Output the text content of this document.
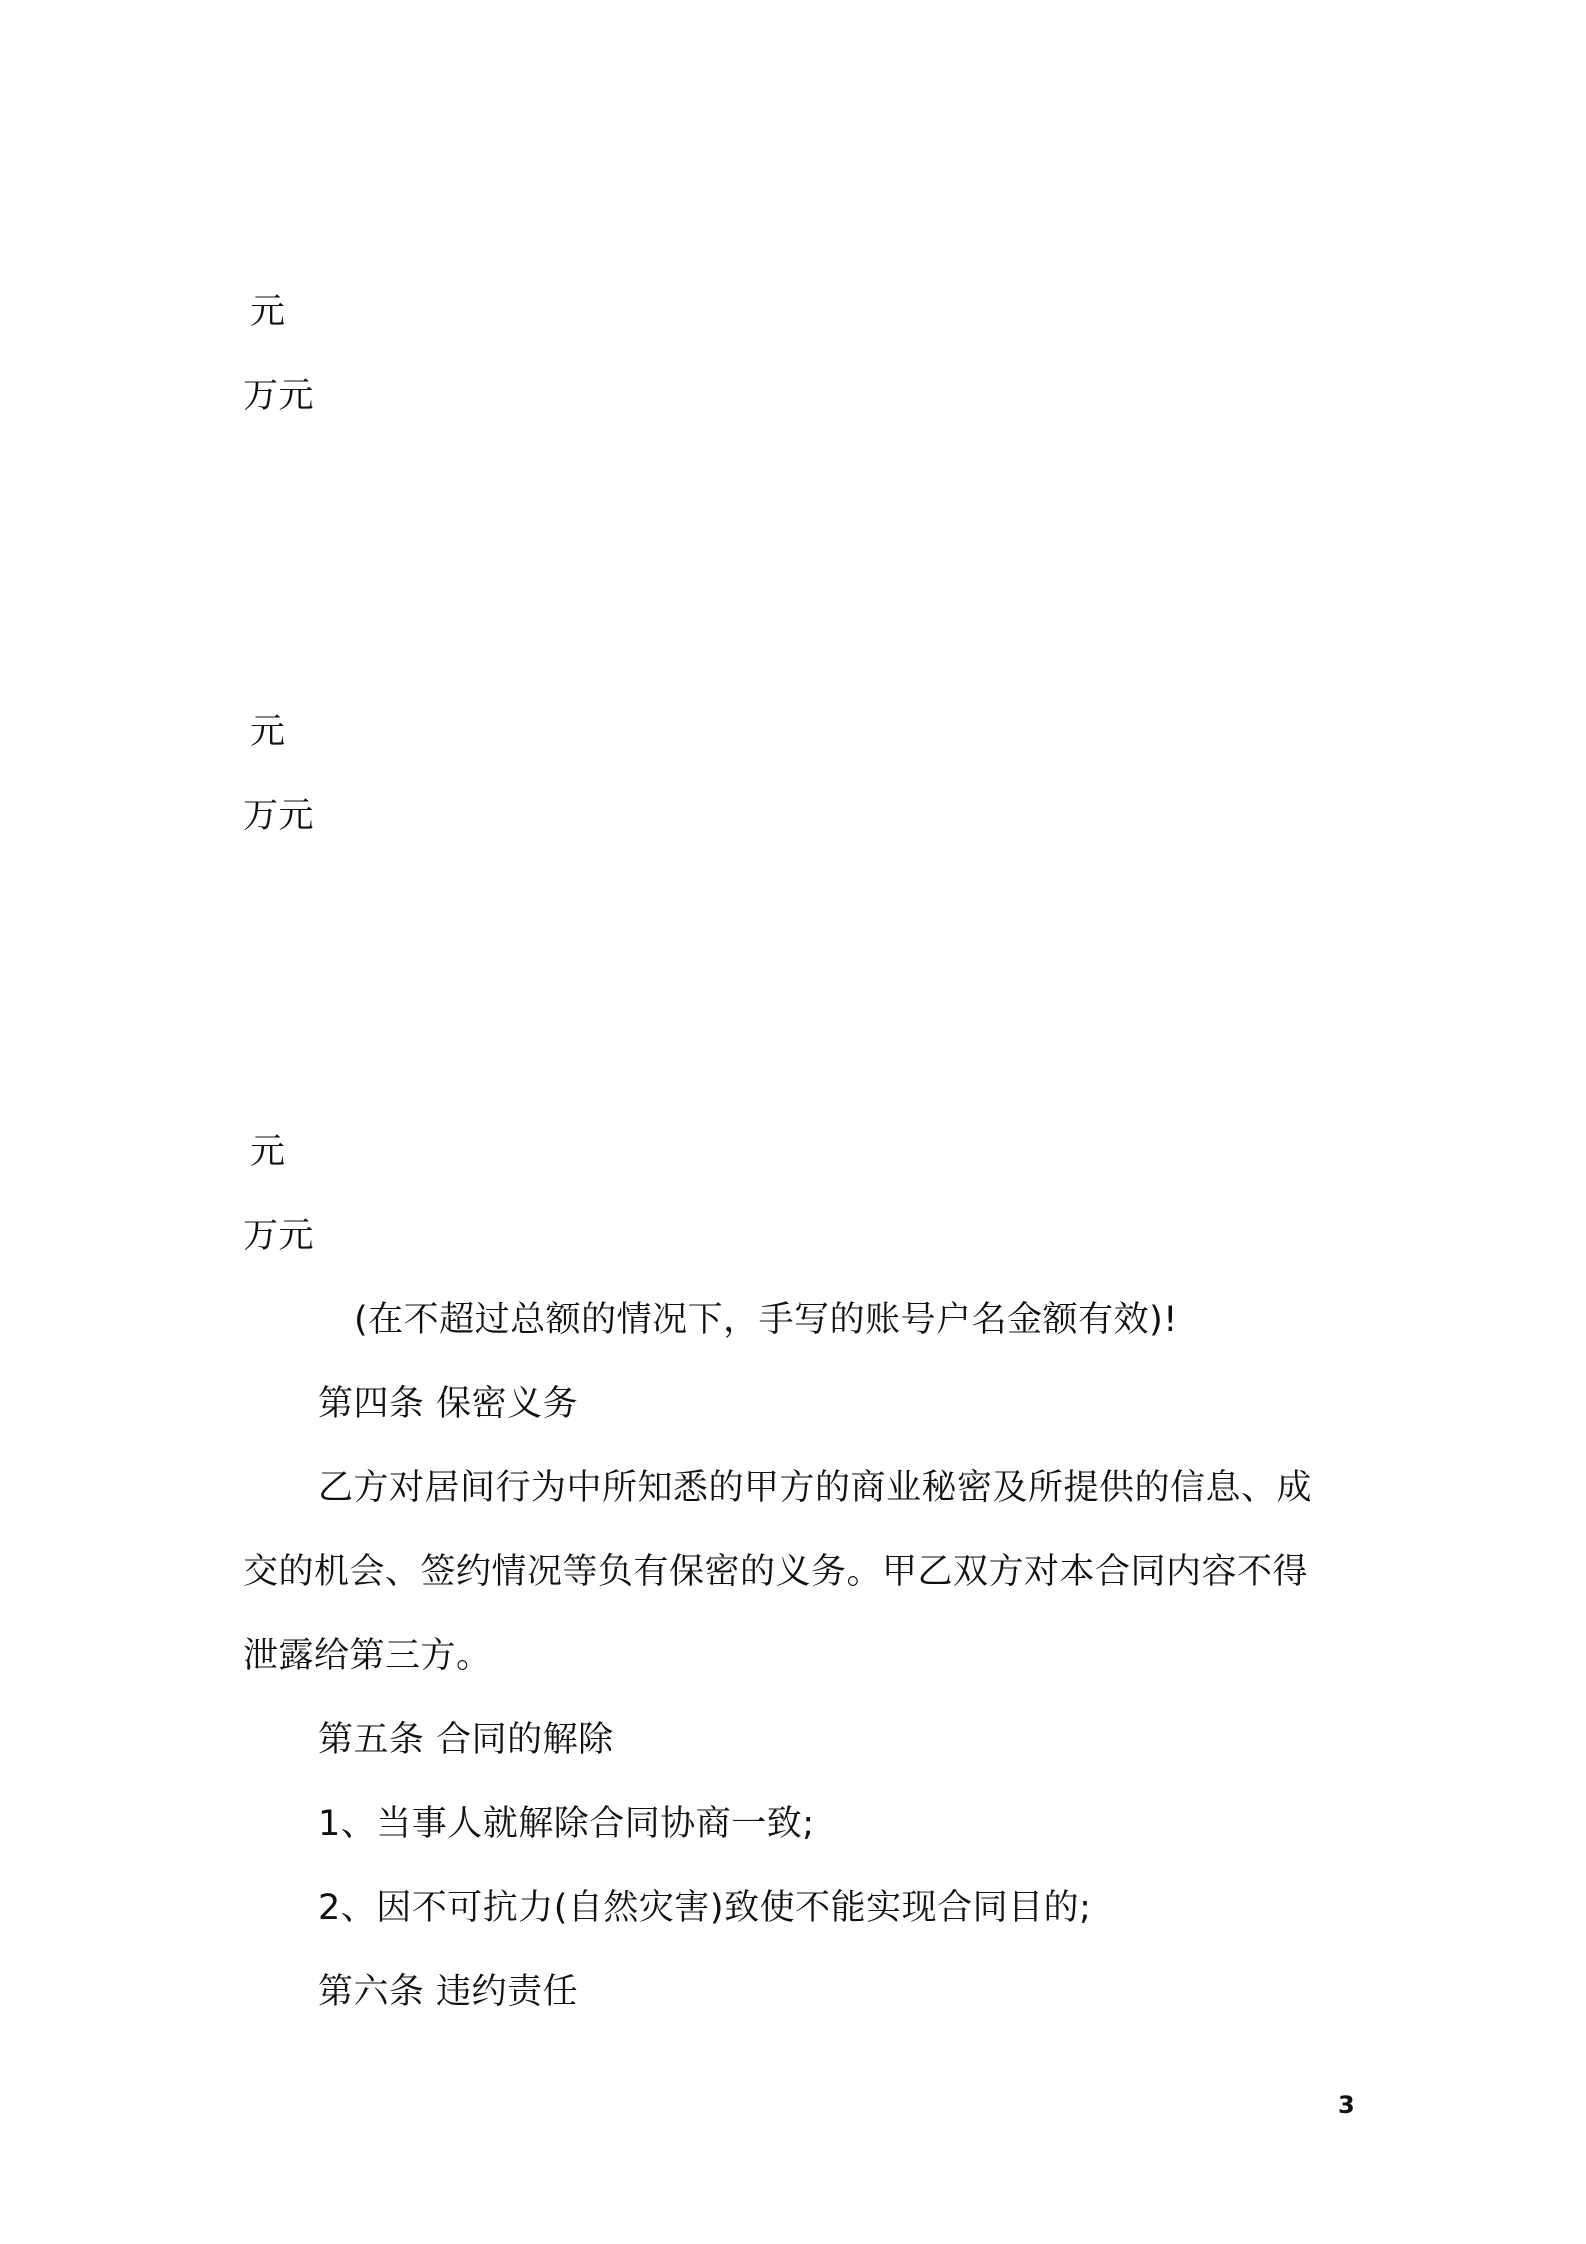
元
万元
元
万元
元
万元
(在不超过总额的情况下，手写的账号户名金额有效)!
第四条 保密义务
乙方对居间行为中所知悉的甲方的商业秘密及所提供的信息、成
交的机会、签约情况等负有保密的义务。甲乙双方对本合同内容不得
泄露给第三方。
第五条 合同的解除
1、当事人就解除合同协商一致;
2、因不可抗力(自然灾害)致使不能实现合同目的;
第六条 违约责任
3
